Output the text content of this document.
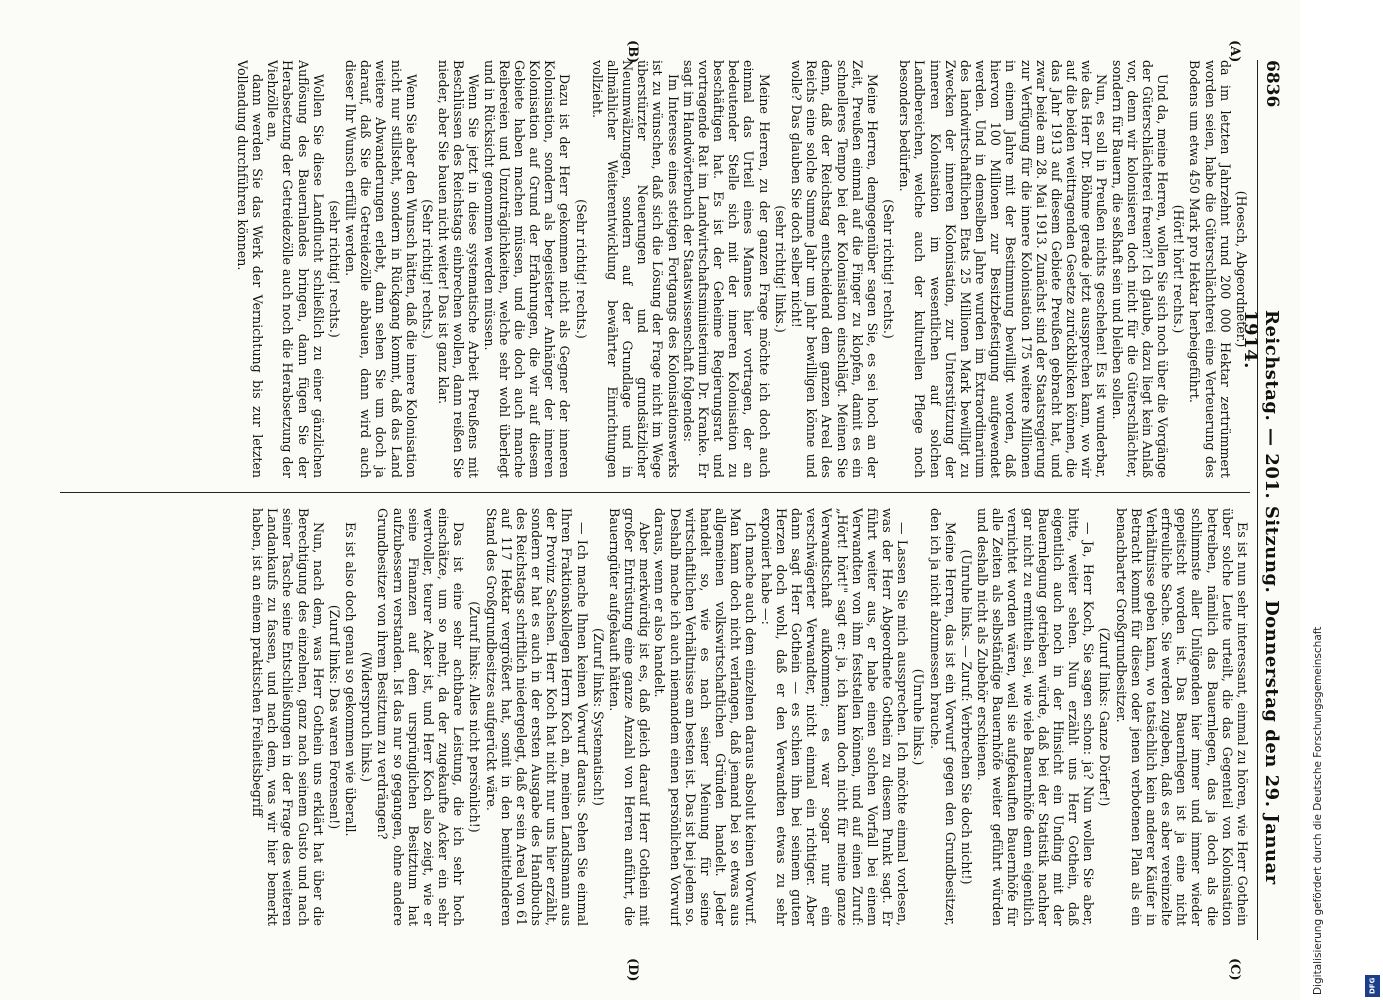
6836
Reichstag. — 201. Sitzung. Donnerstag den 29. Januar 1914.
(A)
(B)
(C)
(D)

(Hoesch, Abgeordneter.)

da im letzten Jahrzehnt rund 200 000 Hektar zertrümmert worden seien, habe die Güterschlächterei eine Verteuerung des Bodens um etwa 450 Mark pro Hektar herbeigeführt.

(Hört! hört! rechts.)

Und da, meine Herren, wollen Sie sich noch über die Vorgänge der Güterschlächterei freuen?! Ich glaube, dazu liegt kein Anlaß vor, denn wir kolonisieren doch nicht für die Güterschlächter, sondern für Bauern, die seßhaft sein und bleiben sollen.

Nun, es soll in Preußen nichts geschehen! Es ist wunderbar, wie das Herr Dr. Böhme gerade jetzt aussprechen kann, wo wir auf die beiden weittragenden Gesetze zurückblicken können, die das Jahr 1913 auf diesem Gebiete Preußen gebracht hat, und zwar beide am 28. Mai 1913. Zunächst sind der Staatsregierung zur Verfügung für die innere Kolonisation 175 weitere Millionen in einem Jahre mit der Bestimmung bewilligt worden, daß hiervon 100 Millionen zur Besitzbefestigung aufgewendet werden. Und in demselben Jahre wurden im Extraordinarium des landwirtschaftlichen Etats 25 Millionen Mark bewilligt zu Zwecken der inneren Kolonisation, zur Unterstützung der inneren Kolonisation im wesentlichen auf solchen Landbereichen, welche auch der kulturellen Pflege noch besonders bedürfen.

(Sehr richtig! rechts.)

Meine Herren, demgegenüber sagen Sie, es sei hoch an der Zeit, Preußen einmal auf die Finger zu klopfen, damit es ein schnelleres Tempo bei der Kolonisation einschlägt. Meinen Sie denn, daß der Reichstag entscheidend dem ganzen Areal des Reichs eine solche Summe Jahr um Jahr bewilligen könne und wolle? Das glauben Sie doch selber nicht!

(sehr richtig! links.)

Meine Herren, zu der ganzen Frage möchte ich doch auch einmal das Urteil eines Mannes hier vortragen, der an bedeutender Stelle sich mit der inneren Kolonisation zu beschäftigen hat. Es ist der Geheime Regierungsrat und vortragende Rat im Landwirtschaftsministerium Dr. Kranke. Er sagt im Handwörterbuch der Staatswissenschaft folgendes:

Im Interesse eines stetigen Fortgangs des Kolonisationswerks ist zu wünschen, daß sich die Lösung der Frage nicht im Wege überstürzter Neuerungen und grundsätzlicher Neuumwälzungen, sondern auf der Grundlage und in allmählicher Weiterentwicklung bewährter Einrichtungen vollzieht.

(Sehr richtig! rechts.)

Dazu ist der Herr gekommen nicht als Gegner der inneren Kolonisation, sondern als begeisterter Anhänger der inneren Kolonisation auf Grund der Erfahrungen, die wir auf diesem Gebiete haben machen müssen, und die doch auch manche Reibereien und Unzuträglichkeiten, welche sehr wohl überlegt und in Rücksicht genommen werden müssen.

Wenn Sie jetzt in diese systematische Arbeit Preußens mit Beschlüssen des Reichstags einbrechen wollen, dann reißen Sie nieder, aber Sie bauen nicht weiter! Das ist ganz klar.

(Sehr richtig! rechts.)

Wenn Sie aber den Wunsch hätten, daß die innere Kolonisation nicht nur stillsteht, sondern in Rückgang kommt, daß das Land weitere Abwanderungen erlebt, dann sehen Sie um doch ja darauf, daß Sie die Getreidezölle abbauen, dann wird auch dieser Ihr Wunsch erfüllt werden.

(sehr richtig! rechts.)

Wollen Sie diese Landflucht schließlich zu einer gänzlichen Auflösung des Bauernlandes bringen, dann fügen Sie der Herabsetzung der Getreidezölle auch noch die Herabsetzung der Viehzölle an,

dann werden Sie das Werk der Vernichtung bis zur letzten Vollendung durchführen können.

Es ist nun sehr interessant, einmal zu hören, wie Herr Gothein über solche Leute urteilt, die das Gegenteil von Kolonisation betreiben, nämlich das Bauernlegen, das ja doch als die schlimmste aller Unlügenden hier immer und immer wieder gepeitscht worden ist. Das Bauernlegen ist ja eine nicht erfreuliche Sache. Sie werden zugeben, daß es aber vereinzelte Verhältnisse geben kann, wo tatsächlich kein anderer Käufer in Betracht kommt für diesen oder jenen verbotenen Plan als ein benachbarter Großgrundbesitzer.

(Zuruf links: Ganze Dörfer!)

— Ja, Herr Koch, Sie sagen schon: ja? Nun wollen Sie aber, bitte, weiter sehen. Nun erzählt uns Herr Gothein, daß eigentlich auch noch in der Hinsicht ein Unding mit der Bauernlegung getrieben würde, daß bei der Statistik nachher gar nicht zu ermitteln sei, wie viele Bauernhöfe denn eigentlich vernichtet worden wären, weil sie aufgekauften Bauernhöfe für alle Zeiten als selbständige Bauernhöfe weiter geführt würden und deshalb nicht als Zubehör erschienen.

(Unruhe links. — Zuruf: Verbrechen Sie doch nicht!)

Meine Herren, das ist ein Vorwurf gegen den Grundbesitzer, den ich ja nicht abzumessen brauche.

(Unruhe links.)

— Lassen Sie mich aussprechen. Ich möchte einmal vorlesen, was der Herr Abgeordnete Gothein zu diesem Punkt sagt. Er führt weiter aus, er habe einen solchen Vorfall bei einem Verwandten von ihm feststellen können, und auf einen Zuruf: „Hört! hört!" sagt er: ja, ich kann doch nicht für meine ganze Verwandtschaft aufkommen; es war sogar nur ein verschwägerter Verwandter, nicht einmal ein richtiger. Aber dann sagt Herr Gothein — es schien ihm bei seinem guten Herzen doch wohl, daß er den Verwandten etwas zu sehr exponiert habe —:

Ich mache auch dem einzelnen daraus absolut keinen Vorwurf. Man kann doch nicht verlangen, daß jemand bei so etwas aus allgemeinen volkswirtschaftlichen Gründen handelt. Jeder handelt so, wie es nach seiner Meinung für seine wirtschaftlichen Verhältnisse am besten ist. Das ist bei jedem so. Deshalb mache ich auch niemandem einen persönlichen Vorwurf daraus, wenn er also handelt.

Aber merkwürdig ist es, daß gleich darauf Herr Gothein mit großer Entrüstung eine ganze Anzahl von Herren anführt, die Bauerngüter aufgekauft hätten.

(Zuruf links: Systematisch!)

— Ich mache Ihnen keinen Vorwurf daraus. Sehen Sie einmal Ihren Fraktionskollegen Herrn Koch an, meinen Landsmann aus der Provinz Sachsen. Herr Koch hat nicht nur uns hier erzählt, sondern er hat es auch in der ersten Ausgabe des Handbuchs des Reichstags schriftlich niedergelegt, daß er sein Areal von 61 auf 117 Hektar vergrößert hat, somit in den bemittelnderen Stand des Großgrundbesitzes aufgerückt wäre.

(Zuruf links: Alles nicht persönlich!)

Das ist eine sehr achtbare Leistung, die ich sehr hoch einschätze, um so mehr, da der zugekaufte Acker ein sehr wertvoller, teurer Acker ist, und Herr Koch also zeigt, wie er seine Finanzen auf dem ursprünglichen Besitztum hat aufzubessern verstanden. Ist das nur so gegangen, ohne andere Grundbesitzer von ihrem Besitztum zu verdrängen?

(Widerspruch links.)

Es ist also doch genau so gekommen wie überall.

(Zuruf links: Das waren Forensen!)

Nun, nach dem, was Herr Gothein uns erklärt hat über die Berechtigung des einzelnen, ganz nach seinem Gusto und nach seiner Tasche seine Entschließungen in der Frage des weiteren Landankaufs zu fassen, und nach dem, was wir hier bemerkt haben, ist an einem praktischen Freiheitsbegriff	Digitalisierung gefördert durch die Deutsche Forschungsgemeinschaft	DFG
